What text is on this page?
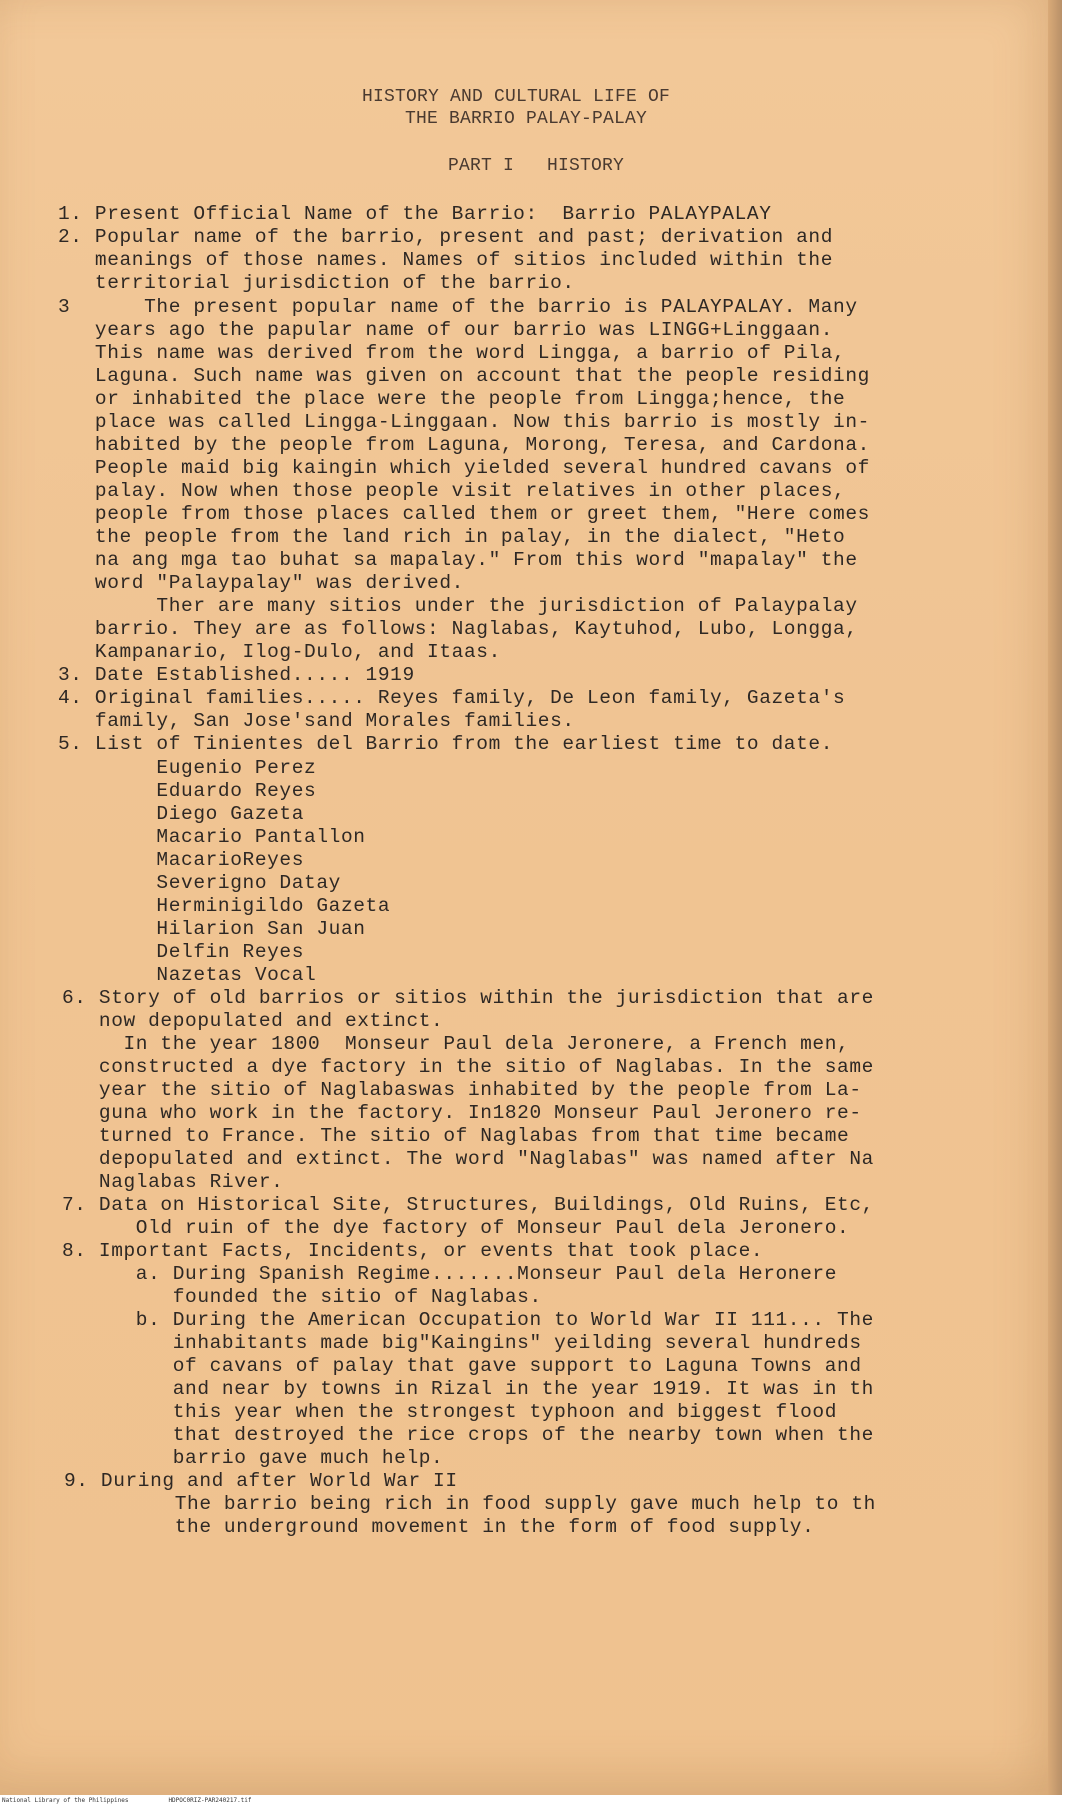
HISTORY AND CULTURAL LIFE OF
THE BARRIO PALAY-PALAY
PART I   HISTORY
1. Present Official Name of the Barrio:  Barrio PALAYPALAY
2. Popular name of the barrio, present and past; derivation and
meanings of those names. Names of sitios included within the
territorial jurisdiction of the barrio.
3      The present popular name of the barrio is PALAYPALAY. Many
years ago the papular name of our barrio was LINGG+Linggaan.
This name was derived from the word Lingga, a barrio of Pila,
Laguna. Such name was given on account that the people residing
or inhabited the place were the people from Lingga;hence, the
place was called Lingga-Linggaan. Now this barrio is mostly in-
habited by the people from Laguna, Morong, Teresa, and Cardona.
People maid big kaingin which yielded several hundred cavans of
palay. Now when those people visit relatives in other places,
people from those places called them or greet them, "Here comes
the people from the land rich in palay, in the dialect, "Heto
na ang mga tao buhat sa mapalay." From this word "mapalay" the
word "Palaypalay" was derived.
Ther are many sitios under the jurisdiction of Palaypalay
barrio. They are as follows: Naglabas, Kaytuhod, Lubo, Longga,
Kampanario, Ilog-Dulo, and Itaas.
3. Date Established..... 1919
4. Original families..... Reyes family, De Leon family, Gazeta's
family, San Jose'sand Morales families.
5. List of Tinientes del Barrio from the earliest time to date.
Eugenio Perez
Eduardo Reyes
Diego Gazeta
Macario Pantallon
MacarioReyes
Severigno Datay
Herminigildo Gazeta
Hilarion San Juan
Delfin Reyes
Nazetas Vocal
6. Story of old barrios or sitios within the jurisdiction that are
now depopulated and extinct.
In the year 1800  Monseur Paul dela Jeronere, a French men,
constructed a dye factory in the sitio of Naglabas. In the same
year the sitio of Naglabaswas inhabited by the people from La-
guna who work in the factory. In1820 Monseur Paul Jeronero re-
turned to France. The sitio of Naglabas from that time became
depopulated and extinct. The word "Naglabas" was named after Na
Naglabas River.
7. Data on Historical Site, Structures, Buildings, Old Ruins, Etc,
Old ruin of the dye factory of Monseur Paul dela Jeronero.
8. Important Facts, Incidents, or events that took place.
a. During Spanish Regime.......Monseur Paul dela Heronere
founded the sitio of Naglabas.
b. During the American Occupation to World War II 111... The
inhabitants made big"Kaingins" yeilding several hundreds
of cavans of palay that gave support to Laguna Towns and
and near by towns in Rizal in the year 1919. It was in th
this year when the strongest typhoon and biggest flood
that destroyed the rice crops of the nearby town when the
barrio gave much help.
9. During and after World War II
The barrio being rich in food supply gave much help to th
the underground movement in the form of food supply.
National Library of the Philippines	HDPOC0RIZ-PAR240217.tif
